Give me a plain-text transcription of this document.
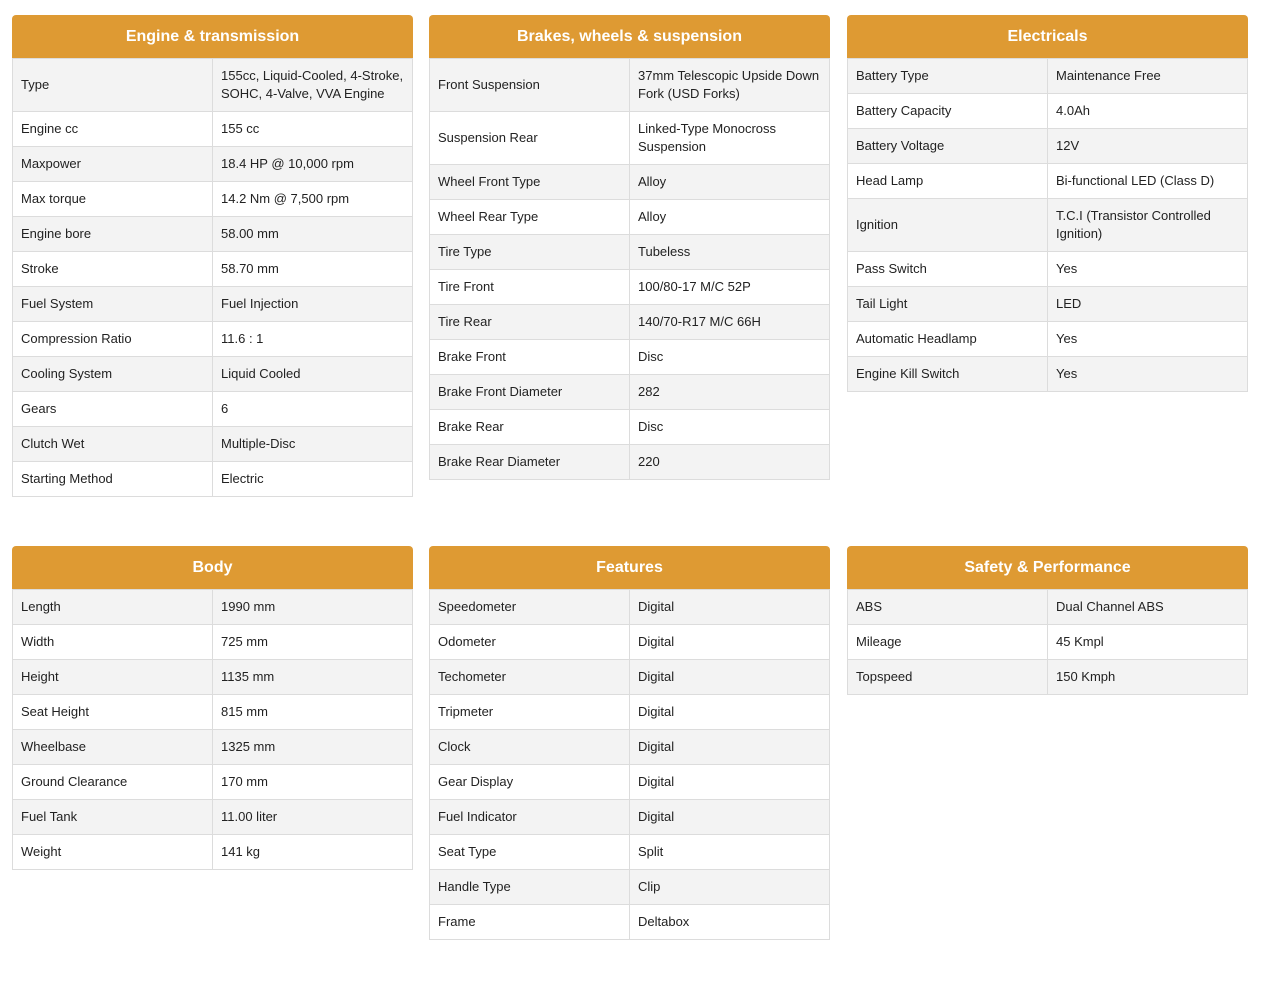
Engine & transmission
Type	155cc, Liquid-Cooled, 4-Stroke, SOHC, 4-Valve, VVA Engine
Engine cc	155 cc
Maxpower	18.4 HP @ 10,000 rpm
Max torque	14.2 Nm @ 7,500 rpm
Engine bore	58.00 mm
Stroke	58.70 mm
Fuel System	Fuel Injection
Compression Ratio	11.6 : 1
Cooling System	Liquid Cooled
Gears	6
Clutch Wet	Multiple-Disc
Starting Method	Electric
Brakes, wheels & suspension
Front Suspension	37mm Telescopic Upside Down Fork (USD Forks)
Suspension Rear	Linked-Type Monocross Suspension
Wheel Front Type	Alloy
Wheel Rear Type	Alloy
Tire Type	Tubeless
Tire Front	100/80-17 M/C 52P
Tire Rear	140/70-R17 M/C 66H
Brake Front	Disc
Brake Front Diameter	282
Brake Rear	Disc
Brake Rear Diameter	220
Electricals
Battery Type	Maintenance Free
Battery Capacity	4.0Ah
Battery Voltage	12V
Head Lamp	Bi-functional LED (Class D)
Ignition	T.C.I (Transistor Controlled Ignition)
Pass Switch	Yes
Tail Light	LED
Automatic Headlamp	Yes
Engine Kill Switch	Yes
Body
Length	1990 mm
Width	725 mm
Height	1135 mm
Seat Height	815 mm
Wheelbase	1325 mm
Ground Clearance	170 mm
Fuel Tank	11.00 liter
Weight	141 kg
Features
Speedometer	Digital
Odometer	Digital
Techometer	Digital
Tripmeter	Digital
Clock	Digital
Gear Display	Digital
Fuel Indicator	Digital
Seat Type	Split
Handle Type	Clip
Frame	Deltabox
Safety & Performance
ABS	Dual Channel ABS
Mileage	45 Kmpl
Topspeed	150 Kmph
